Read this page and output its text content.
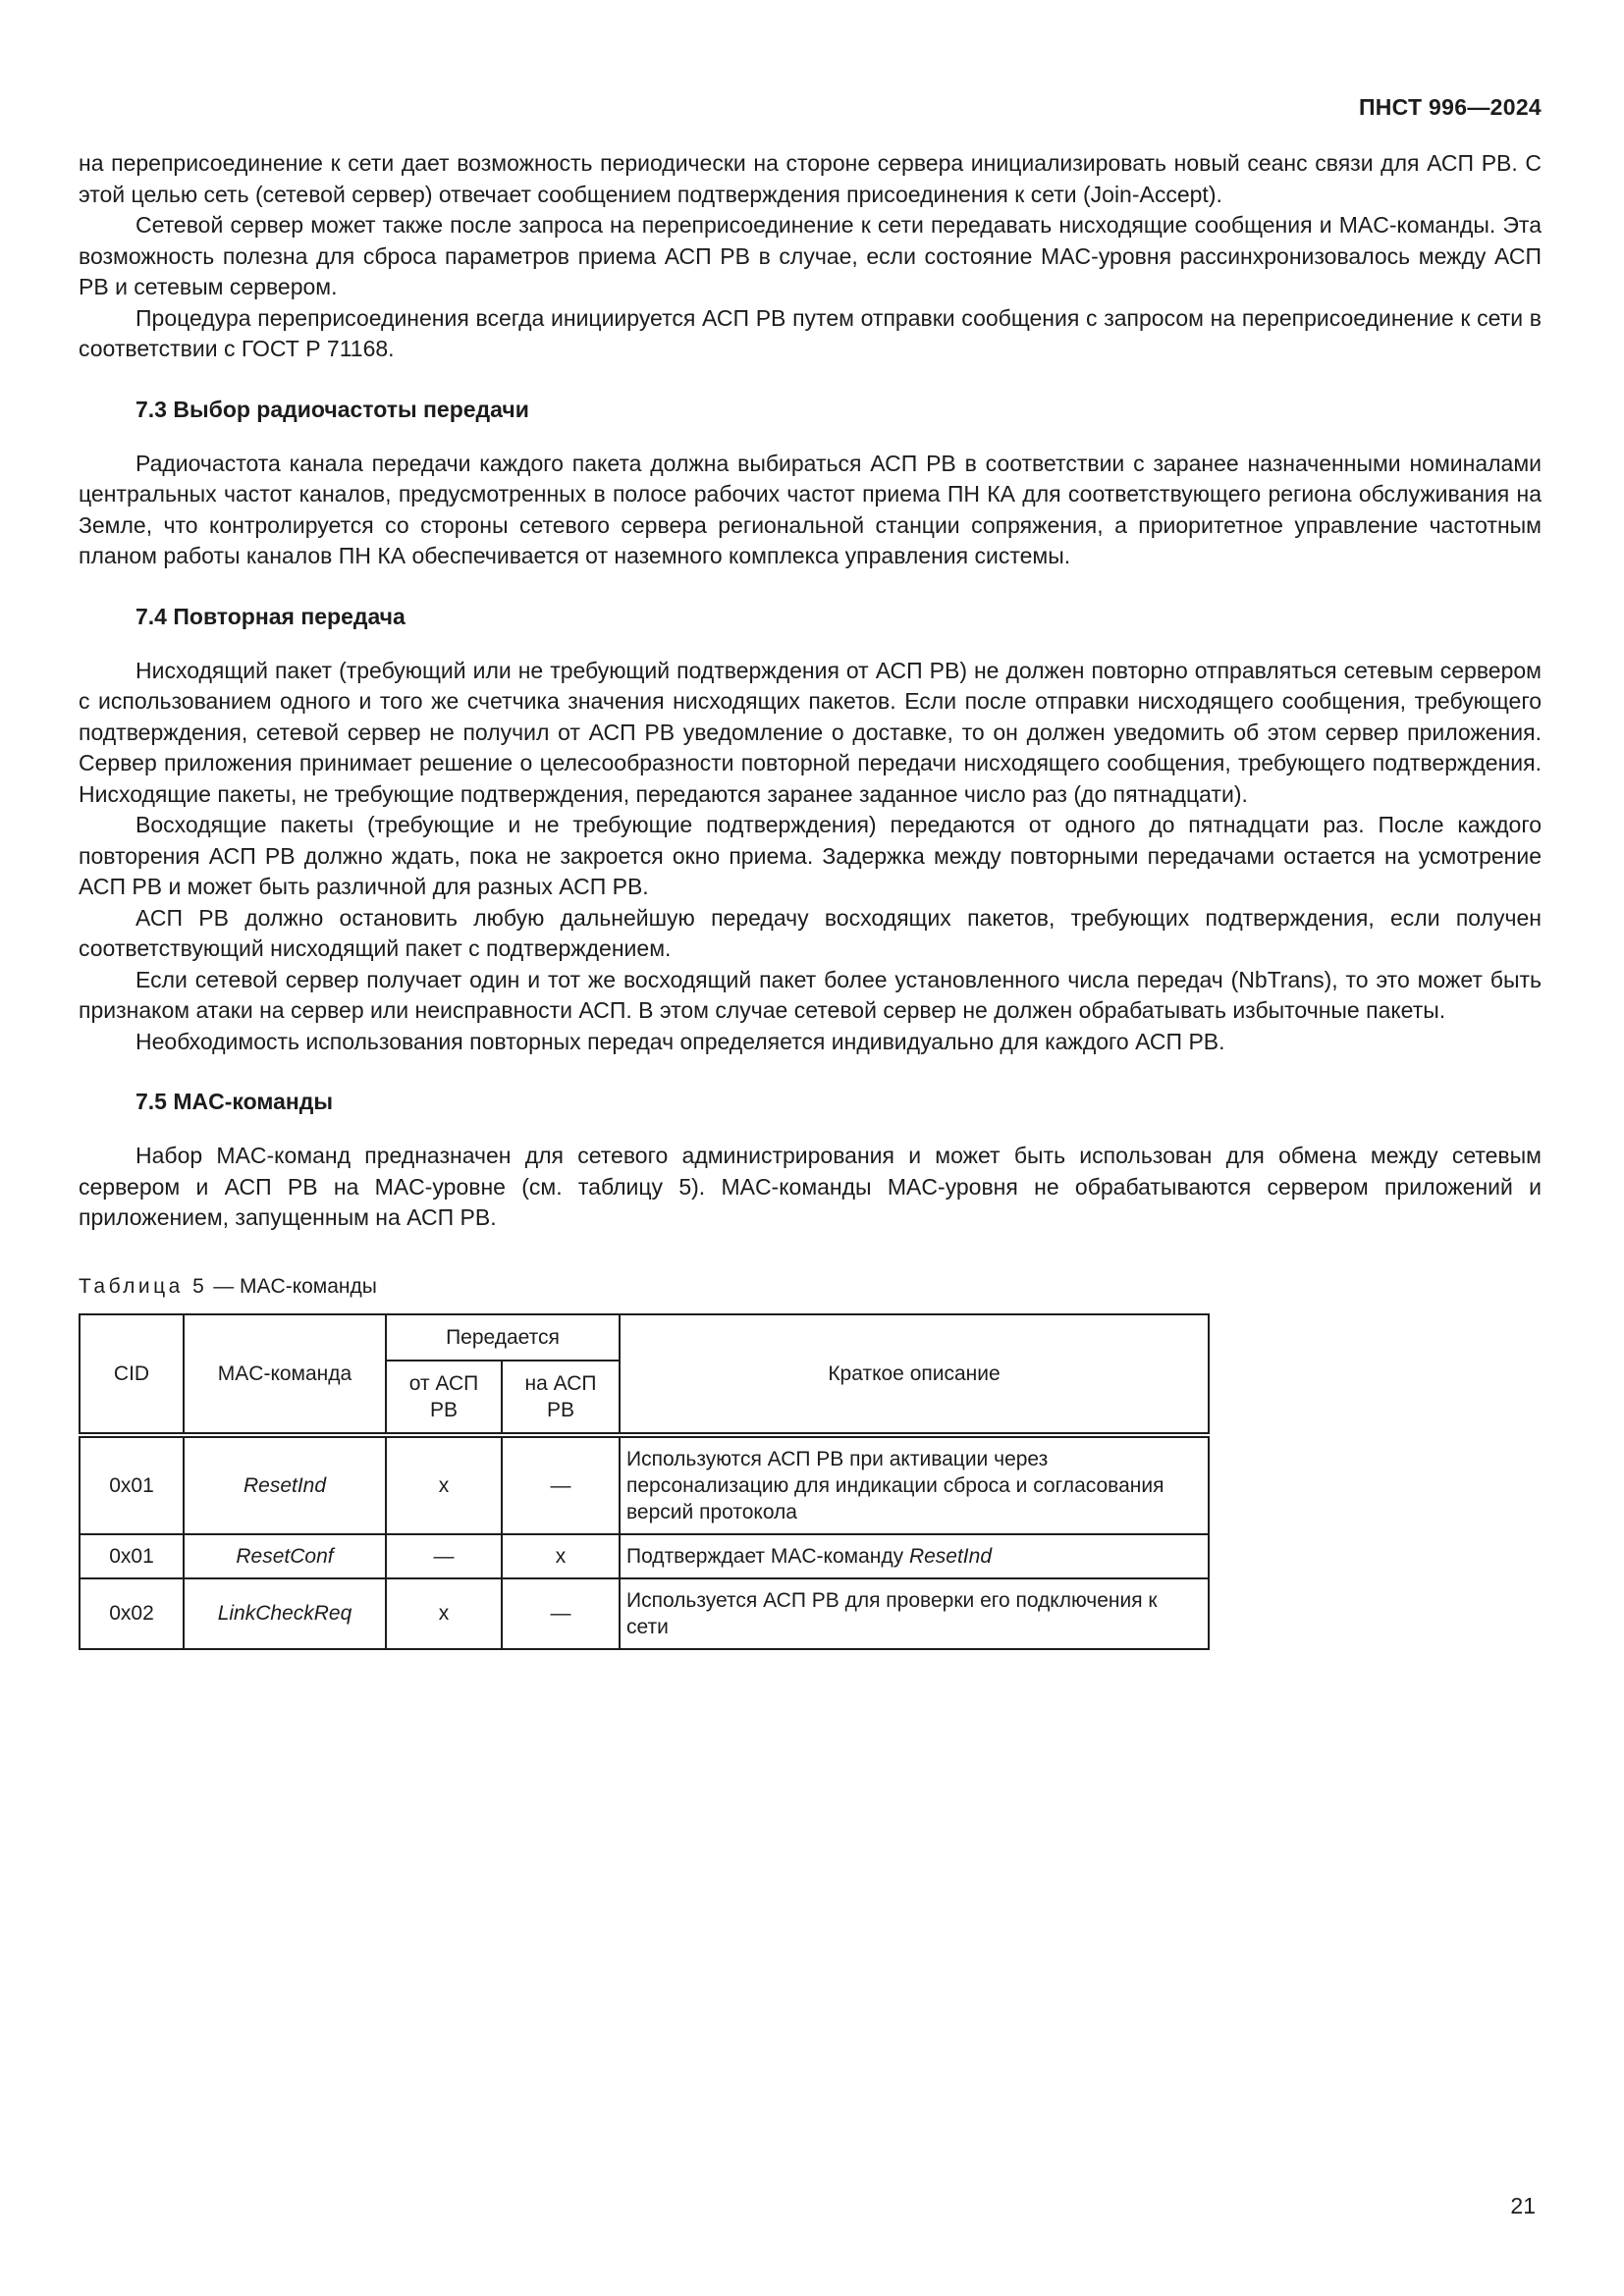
ПНСТ 996—2024

на переприсоединение к сети дает возможность периодически на стороне сервера инициализировать новый сеанс связи для АСП РВ. С этой целью сеть (сетевой сервер) отвечает сообщением подтверждения присоединения к сети (Join-Accept).

Сетевой сервер может также после запроса на переприсоединение к сети передавать нисходящие сообщения и MAC-команды. Эта возможность полезна для сброса параметров приема АСП РВ в случае, если состояние MAC-уровня рассинхронизовалось между АСП РВ и сетевым сервером.

Процедура переприсоединения всегда инициируется АСП РВ путем отправки сообщения с запросом на переприсоединение к сети в соответствии с ГОСТ Р 71168.

7.3 Выбор радиочастоты передачи

Радиочастота канала передачи каждого пакета должна выбираться АСП РВ в соответствии с заранее назначенными номиналами центральных частот каналов, предусмотренных в полосе рабочих частот приема ПН КА для соответствующего региона обслуживания на Земле, что контролируется со стороны сетевого сервера региональной станции сопряжения, а приоритетное управление частотным планом работы каналов ПН КА обеспечивается от наземного комплекса управления системы.

7.4 Повторная передача

Нисходящий пакет (требующий или не требующий подтверждения от АСП РВ) не должен повторно отправляться сетевым сервером с использованием одного и того же счетчика значения нисходящих пакетов. Если после отправки нисходящего сообщения, требующего подтверждения, сетевой сервер не получил от АСП РВ уведомление о доставке, то он должен уведомить об этом сервер приложения. Сервер приложения принимает решение о целесообразности повторной передачи нисходящего сообщения, требующего подтверждения. Нисходящие пакеты, не требующие подтверждения, передаются заранее заданное число раз (до пятнадцати).

Восходящие пакеты (требующие и не требующие подтверждения) передаются от одного до пятнадцати раз. После каждого повторения АСП РВ должно ждать, пока не закроется окно приема. Задержка между повторными передачами остается на усмотрение АСП РВ и может быть различной для разных АСП РВ.

АСП РВ должно остановить любую дальнейшую передачу восходящих пакетов, требующих подтверждения, если получен соответствующий нисходящий пакет с подтверждением.

Если сетевой сервер получает один и тот же восходящий пакет более установленного числа передач (NbTrans), то это может быть признаком атаки на сервер или неисправности АСП. В этом случае сетевой сервер не должен обрабатывать избыточные пакеты.

Необходимость использования повторных передач определяется индивидуально для каждого АСП РВ.

7.5 MAC-команды

Набор MAC-команд предназначен для сетевого администрирования и может быть использован для обмена между сетевым сервером и АСП РВ на MAC-уровне (см. таблицу 5). MAC-команды MAC-уровня не обрабатываются сервером приложений и приложением, запущенным на АСП РВ.

Таблица 5 — MAC-команды
CID	MAC-команда	Передается		Краткое описание
		от АСП РВ	на АСП РВ	
0x01	ResetInd	x	—	Используются АСП РВ при активации через персонализацию для индикации сброса и согласования версий протокола
0x01	ResetConf	—	x	Подтверждает MAC-команду ResetInd
0x02	LinkCheckReq	x	—	Используется АСП РВ для проверки его подключения к сети
21
